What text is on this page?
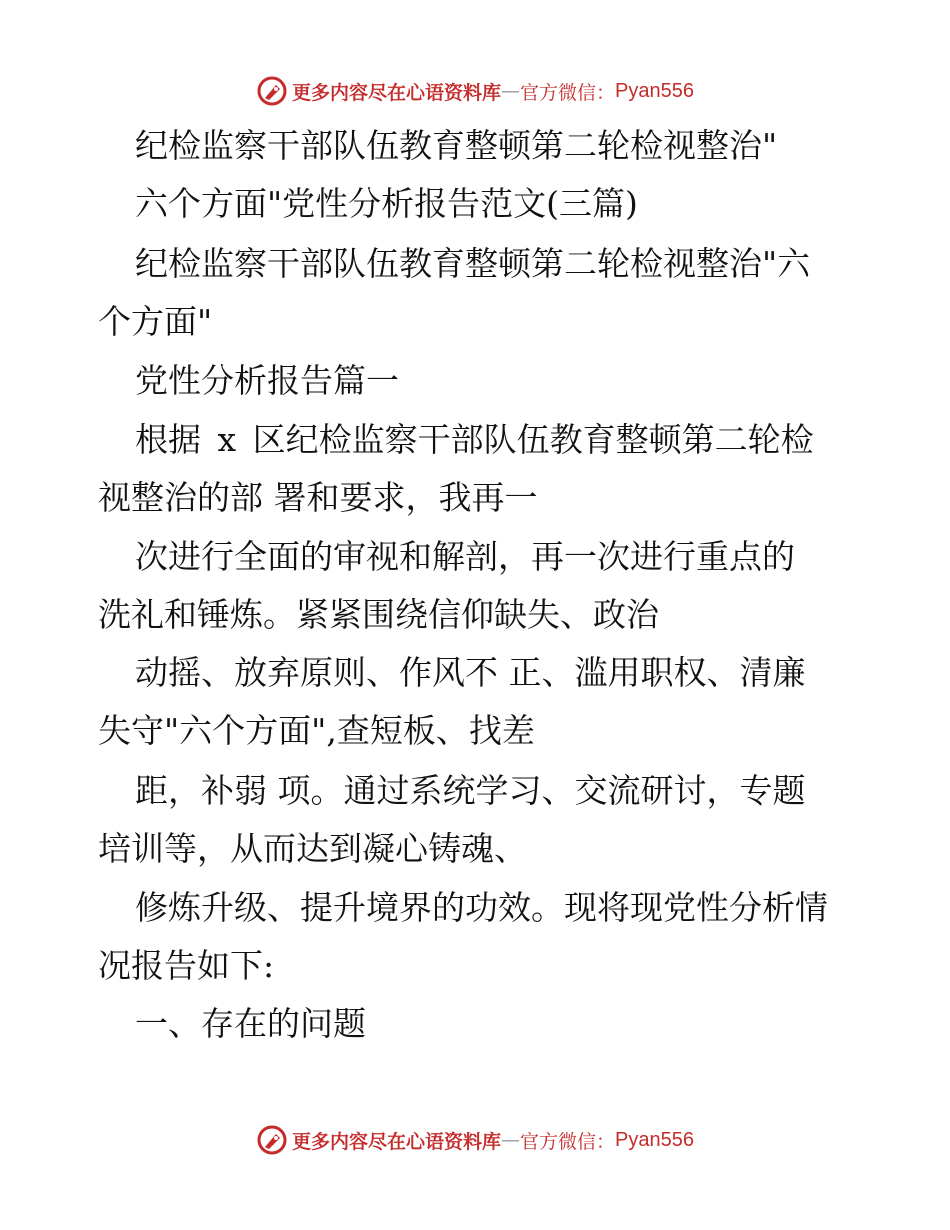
更多内容尽在心语资料库 — 官方微信： Pyan556
纪检监察干部队伍教育整顿第二轮检视整治"
六个方面"党性分析报告范文(三篇)
纪检监察干部队伍教育整顿第二轮检视整治"六
个方面"
党性分析报告篇一
根据 x 区纪检监察干部队伍教育整顿第二轮检
视整治的部 署和要求，我再一
次进行全面的审视和解剖，再一次进行重点的
洗礼和锤炼。紧紧围绕信仰缺失、政治
动摇、放弃原则、作风不 正、滥用职权、清廉
失守"六个方面",查短板、找差
距，补弱 项。通过系统学习、交流研讨，专题
培训等，从而达到凝心铸魂、
修炼升级、提升境界的功效。现将现党性分析情
况报告如下:
一、存在的问题
更多内容尽在心语资料库 — 官方微信： Pyan556
